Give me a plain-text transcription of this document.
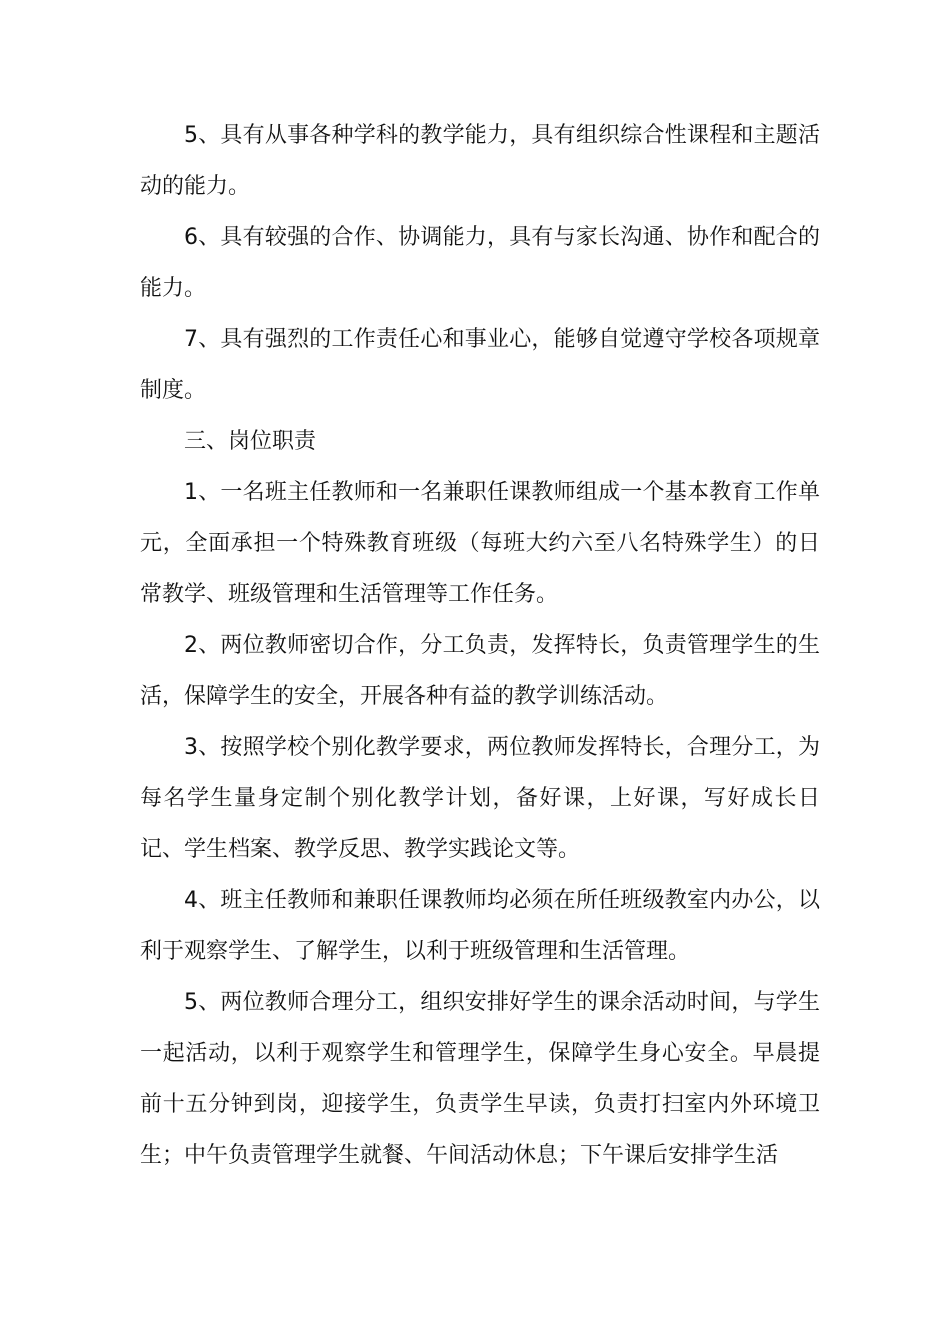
5、具有从事各种学科的教学能力，具有组织综合性课程和主题活动的能力。

6、具有较强的合作、协调能力，具有与家长沟通、协作和配合的能力。

7、具有强烈的工作责任心和事业心，能够自觉遵守学校各项规章制度。

三、岗位职责

1、一名班主任教师和一名兼职任课教师组成一个基本教育工作单元，全面承担一个特殊教育班级（每班大约六至八名特殊学生）的日常教学、班级管理和生活管理等工作任务。

2、两位教师密切合作，分工负责，发挥特长，负责管理学生的生活，保障学生的安全，开展各种有益的教学训练活动。

3、按照学校个别化教学要求，两位教师发挥特长，合理分工，为每名学生量身定制个别化教学计划，备好课，上好课，写好成长日记、学生档案、教学反思、教学实践论文等。

4、班主任教师和兼职任课教师均必须在所任班级教室内办公，以利于观察学生、了解学生，以利于班级管理和生活管理。

5、两位教师合理分工，组织安排好学生的课余活动时间，与学生一起活动，以利于观察学生和管理学生，保障学生身心安全。早晨提前十五分钟到岗，迎接学生，负责学生早读，负责打扫室内外环境卫生；中午负责管理学生就餐、午间活动休息；下午课后安排学生活
